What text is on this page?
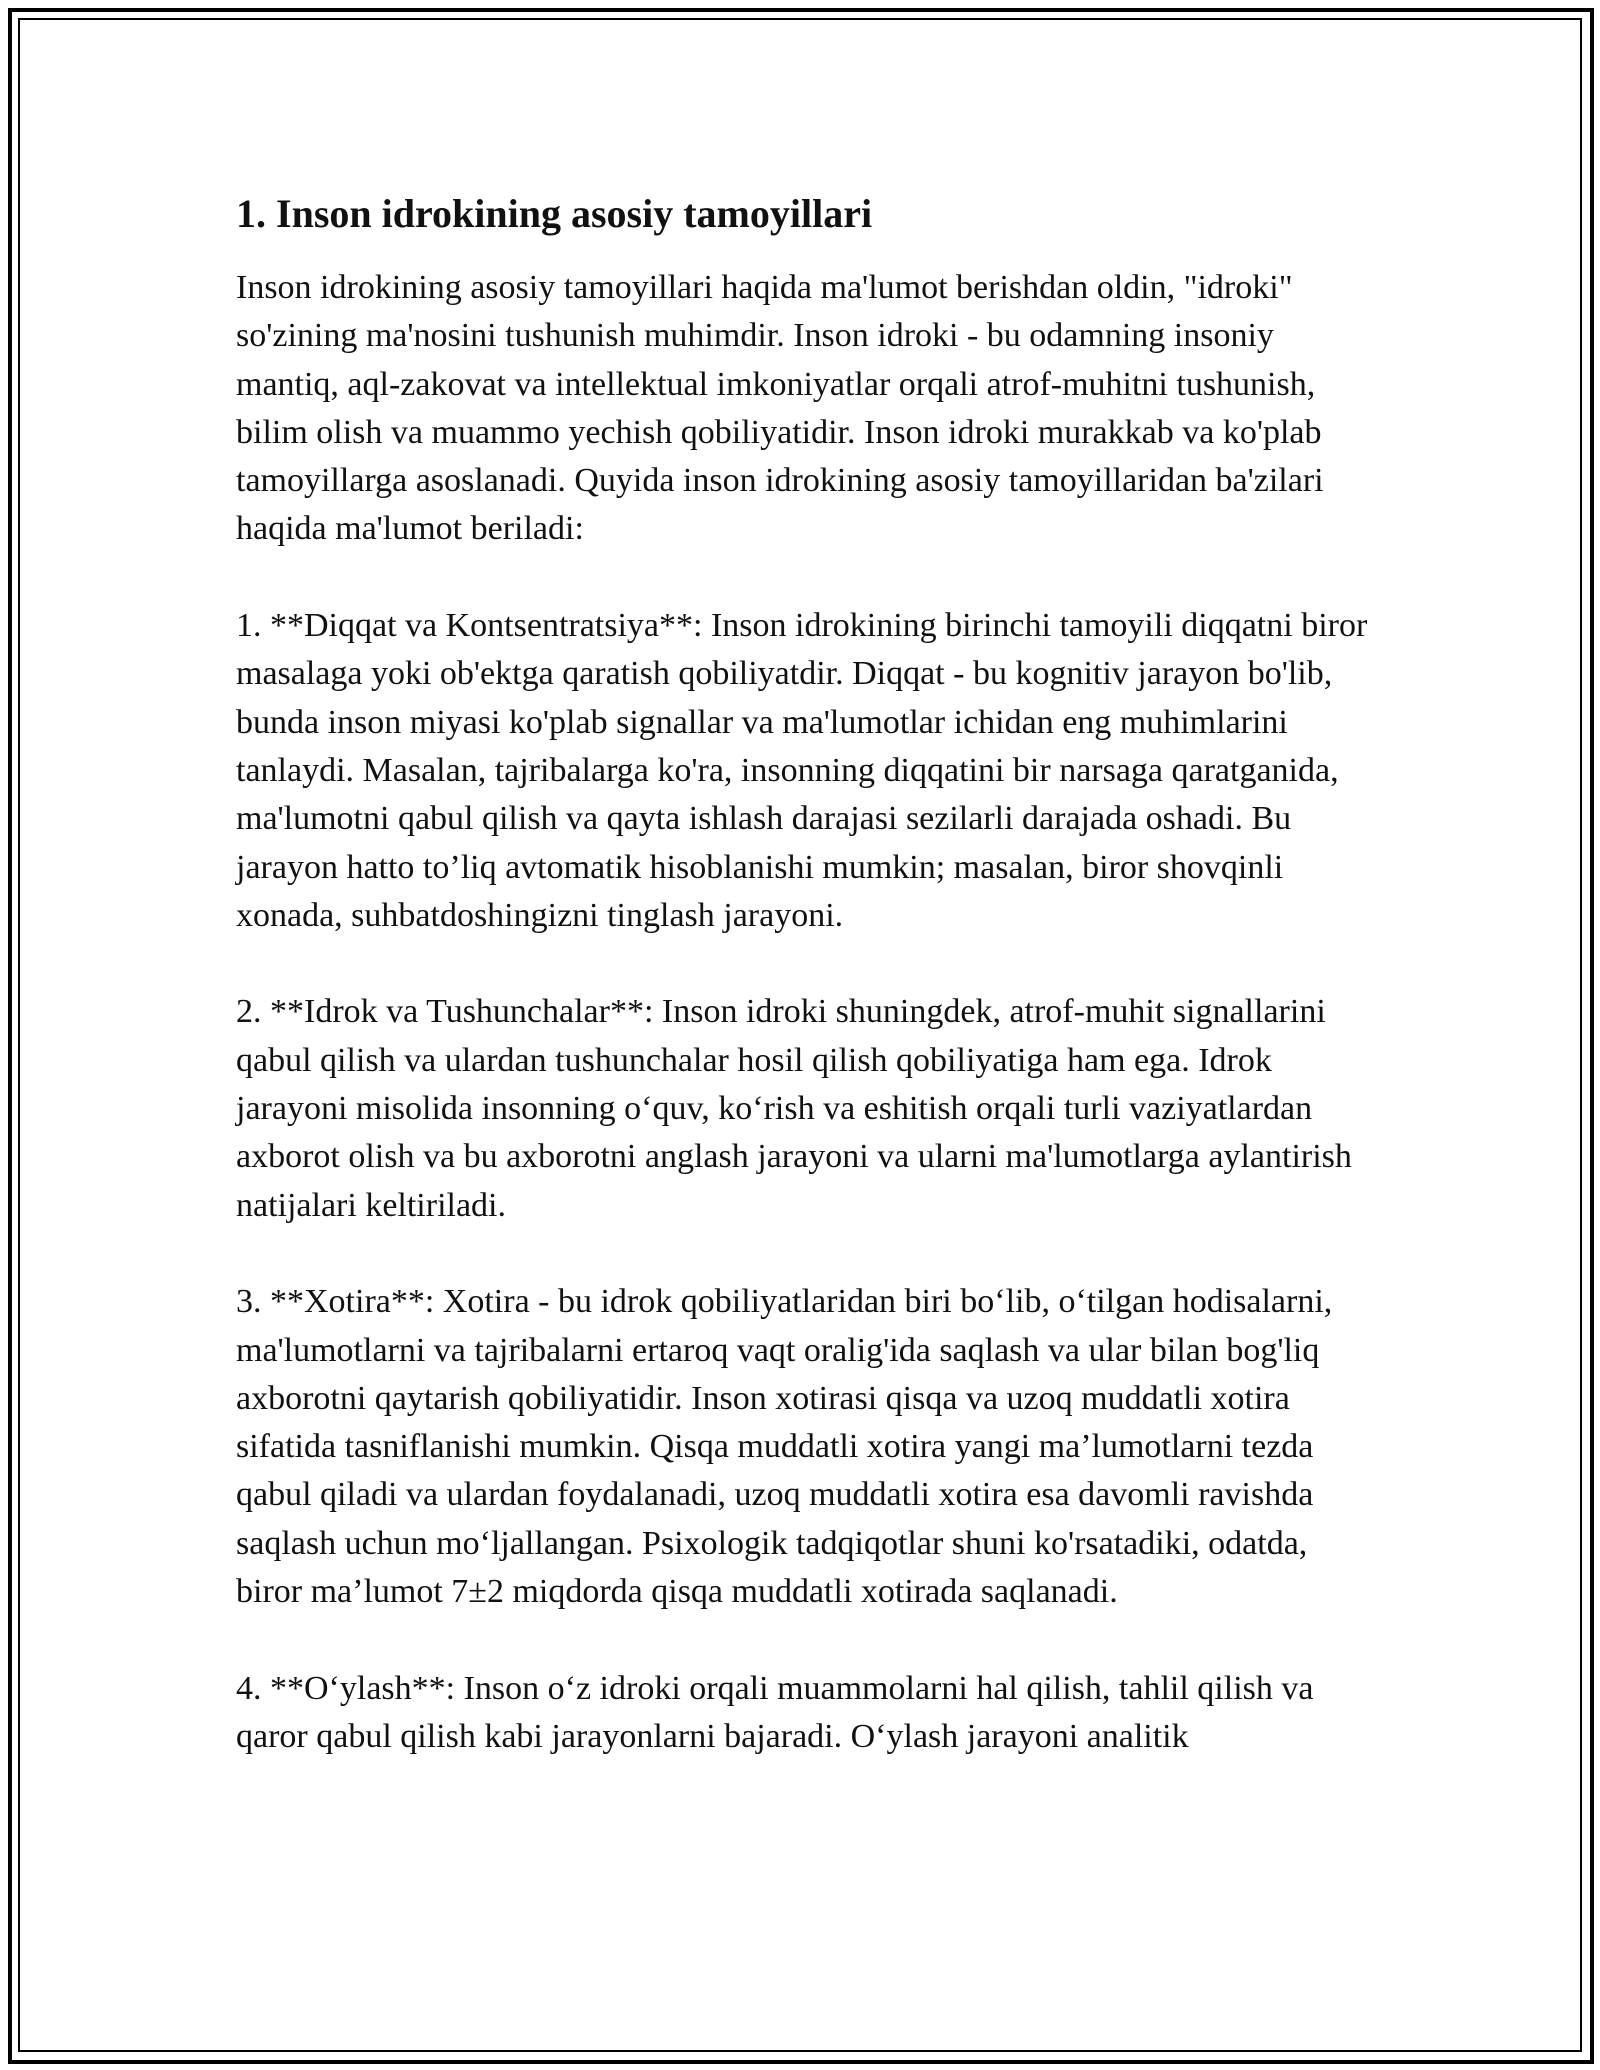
1. Inson idrokining asosiy tamoyillari

Inson idrokining asosiy tamoyillari haqida ma'lumot berishdan oldin, "idroki" so'zining ma'nosini tushunish muhimdir. Inson idroki - bu odamning insoniy mantiq, aql-zakovat va intellektual imkoniyatlar orqali atrof-muhitni tushunish, bilim olish va muammo yechish qobiliyatidir. Inson idroki murakkab va ko'plab tamoyillarga asoslanadi. Quyida inson idrokining asosiy tamoyillaridan ba'zilari haqida ma'lumot beriladi:

1. **Diqqat va Kontsentratsiya**: Inson idrokining birinchi tamoyili diqqatni biror masalaga yoki ob'ektga qaratish qobiliyatdir. Diqqat - bu kognitiv jarayon bo'lib, bunda inson miyasi ko'plab signallar va ma'lumotlar ichidan eng muhimlarini tanlaydi. Masalan, tajribalarga ko'ra, insonning diqqatini bir narsaga qaratganida, ma'lumotni qabul qilish va qayta ishlash darajasi sezilarli darajada oshadi. Bu jarayon hatto to’liq avtomatik hisoblanishi mumkin; masalan, biror shovqinli xonada, suhbatdoshingizni tinglash jarayoni.

2. **Idrok va Tushunchalar**: Inson idroki shuningdek, atrof-muhit signallarini qabul qilish va ulardan tushunchalar hosil qilish qobiliyatiga ham ega. Idrok jarayoni misolida insonning o‘quv, ko‘rish va eshitish orqali turli vaziyatlardan axborot olish va bu axborotni anglash jarayoni va ularni ma'lumotlarga aylantirish natijalari keltiriladi.

3. **Xotira**: Xotira - bu idrok qobiliyatlaridan biri bo‘lib, o‘tilgan hodisalarni, ma'lumotlarni va tajribalarni ertaroq vaqt oralig'ida saqlash va ular bilan bog'liq axborotni qaytarish qobiliyatidir. Inson xotirasi qisqa va uzoq muddatli xotira sifatida tasniflanishi mumkin. Qisqa muddatli xotira yangi ma’lumotlarni tezda qabul qiladi va ulardan foydalanadi, uzoq muddatli xotira esa davomli ravishda saqlash uchun mo‘ljallangan. Psixologik tadqiqotlar shuni ko'rsatadiki, odatda, biror ma’lumot 7±2 miqdorda qisqa muddatli xotirada saqlanadi.

4. **O‘ylash**: Inson o‘z idroki orqali muammolarni hal qilish, tahlil qilish va qaror qabul qilish kabi jarayonlarni bajaradi. O‘ylash jarayoni analitik
